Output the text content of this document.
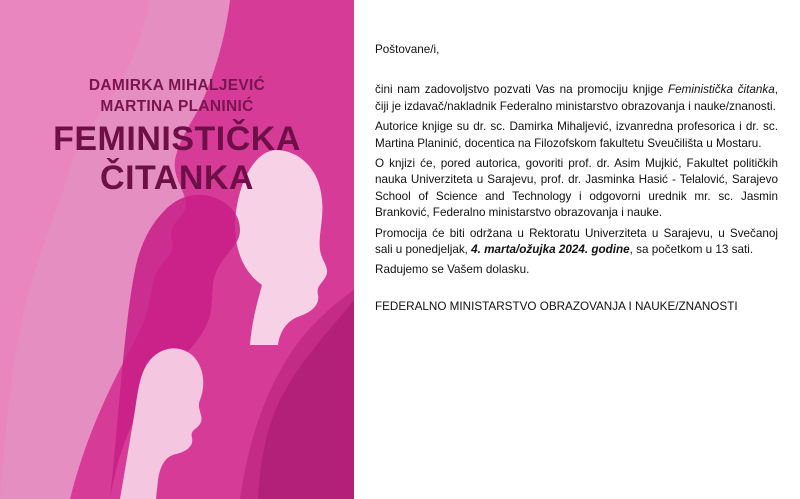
DAMIRKA MIHALJEVIĆ
MARTINA PLANINIĆ
FEMINISTIČKA
ČITANKA

Poštovane/i,

čini nam zadovoljstvo pozvati Vas na promociju knjige Feministička čitanka, čiji je izdavač/nakladnik Federalno ministarstvo obrazovanja i nauke/znanosti.

Autorice knjige su dr. sc. Damirka Mihaljević, izvanredna profesorica i dr. sc. Martina Planinić, docentica na Filozofskom fakultetu Sveučilišta u Mostaru.

O knjizi će, pored autorica, govoriti prof. dr. Asim Mujkić, Fakultet političkih nauka Univerziteta u Sarajevu, prof. dr. Jasminka Hasić - Telalović, Sarajevo School of Science and Technology i odgovorni urednik mr. sc. Jasmin Branković, Federalno ministarstvo obrazovanja i nauke.

Promocija će biti održana u Rektoratu Univerziteta u Sarajevu, u Svečanoj sali u ponedjeljak, 4. marta/ožujka 2024. godine, sa početkom u 13 sati.

Radujemo se Vašem dolasku.

FEDERALNO MINISTARSTVO OBRAZOVANJA I NAUKE/ZNANOSTI
